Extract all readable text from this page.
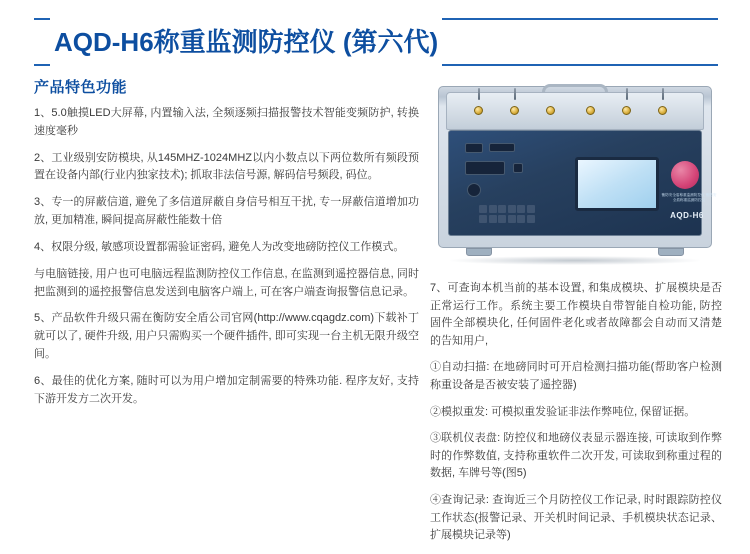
AQD-H6称重监测防控仪 (第六代)
产品特色功能

1、5.0触摸LED大屏幕, 内置输入法, 全频逐频扫描报警技术智能变频防护, 转换速度毫秒

2、工业级别安防模块, 从145MHZ-1024MHZ以内小数点以下两位数所有频段预置在设备内部(行业内独家技术); 抓取非法信号源, 解码信号频段, 码位。

3、专一的屏蔽信道, 避免了多信道屏蔽自身信号相互干扰, 专一屏蔽信道增加功放, 更加精准, 瞬间提高屏蔽性能数十倍

4、权限分级, 敏感项设置都需验证密码, 避免人为改变地磅防控仪工作模式。

与电脑链接, 用户也可电脑远程监测防控仪工作信息, 在监测到遥控器信息, 同时把监测到的遥控报警信息发送到电脑客户端上, 可在客户端查询报警信息记录。

5、产品软件升级只需在衡防安全盾公司官网(http://www.cqagdz.com)下载补丁就可以了, 硬件升级, 用户只需购买一个硬件插件, 即可实现一台主机无限升级空间。

6、最佳的优化方案, 随时可以为用户增加定制需要的特殊功能. 程序友好, 支持下游开发方二次开发。

衡防安全盾称重监测防控仪 衡防安全盾称重监测防控仪
AQD-H6

7、可查询本机当前的基本设置, 和集成模块、扩展模块是否正常运行工作。系统主要工作模块自带智能自检功能, 防控固件全部模块化, 任何固件老化或者故障都会自动而又清楚的告知用户,

①自动扫描: 在地磅同时可开启检测扫描功能(帮助客户检测称重设备是否被安装了遥控器)

②模拟重发: 可模拟重发验证非法作弊吨位, 保留证据。

③联机仪表盘: 防控仪和地磅仪表显示器连接, 可读取到作弊时的作弊数值, 支持称重软件二次开发, 可读取到称重过程的数据, 车牌号等(图5)

④查询记录: 查询近三个月防控仪工作记录, 时时跟踪防控仪工作状态(报警记录、开关机时间记录、手机模块状态记录、扩展模块记录等)
